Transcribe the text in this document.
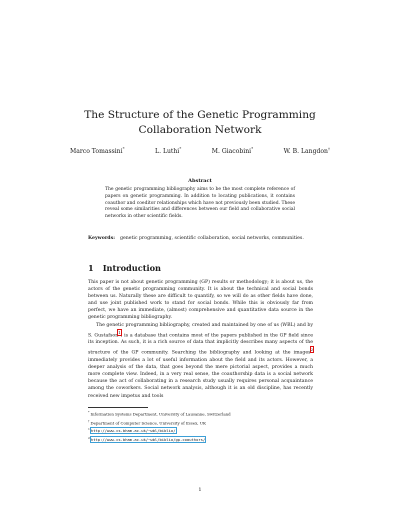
The Structure of the Genetic Programming
Collaboration Network
Marco Tomassini*	L. Luthi*	M. Giacobini*	W. B. Langdon†
Abstract
The genetic programming bibliography aims to be the most complete reference of papers on genetic programming. In addition to locating publications, it contains coauthor and coeditor relationships which have not previously been studied. These reveal some similarities and differences between our field and collaborative social networks in other scientific fields.
Keywords: genetic programming, scientific collaboration, social networks, communities.
1 Introduction

This paper is not about genetic programming (GP) results or methodology; it is about us, the actors of the genetic programming community. It is about the technical and social bonds between us. Naturally these are difficult to quantify, so we will do as other fields have done, and use joint published work to stand for social bonds. While this is obviously far from perfect, we have an immediate, (almost) comprehensive and quantitative data source in the genetic programming bibliography.

The genetic programming bibliography, created and maintained by one of us (WBL) and by S. Gustafson$^1$, is a database that contains most of the papers published in the GP field since its inception. As such, it is a rich source of data that implicitly describes many aspects of the structure of the GP community. Searching the bibliography and looking at the images$^2$ immediately provides a lot of useful information about the field and its actors. However, a deeper analysis of the data, that goes beyond the mere pictorial aspect, provides a much more complete view. Indeed, in a very real sense, the coauthorship data is a social network because the act of collaborating in a research study usually requires personal acquaintance among the coworkers. Social network analysis, although it is an old discipline, has recently received new impetus and tools

*Information Systems Department, University of Lausanne, Switzerland
†Department of Computer Science, University of Essex, UK
$^1$http://www.cs.bham.ac.uk/~wbl/biblio/
$^2$http://www.cs.bham.ac.uk/~wbl/biblio/gp-coauthors/
1
